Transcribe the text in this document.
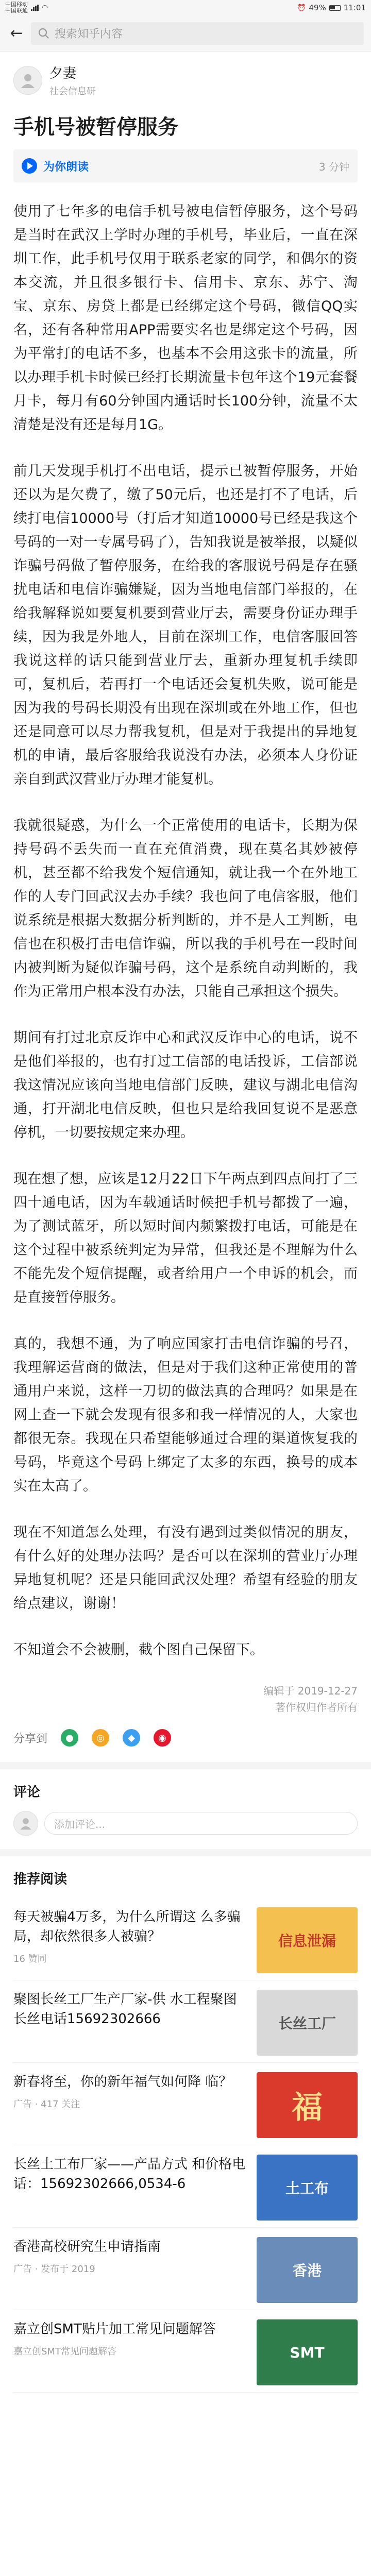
中国移动
中国联通 ◠	⏰ 49% 11:01
←	搜索知乎内容
夕妻
社会信息研
手机号被暂停服务
为你朗读	3 分钟

使用了七年多的电信手机号被电信暂停服务，这个号码是当时在武汉上学时办理的手机号，毕业后，一直在深圳工作，此手机号仅用于联系老家的同学，和偶尔的资本交流，并且很多银行卡、信用卡、京东、苏宁、淘宝、京东、房贷上都是已经绑定这个号码，微信QQ实名，还有各种常用APP需要实名也是绑定这个号码，因为平常打的电话不多，也基本不会用这张卡的流量，所以办理手机卡时候已经打长期流量卡包年这个19元套餐月卡，每月有60分钟国内通话时长100分钟，流量不太清楚是没有还是每月1G。

前几天发现手机打不出电话，提示已被暂停服务，开始还以为是欠费了，缴了50元后，也还是打不了电话，后续打电信10000号（打后才知道10000号已经是我这个号码的一对一专属号码了），告知我说是被举报，以疑似诈骗号码做了暂停服务，在给我的客服说号码是存在骚扰电话和电信诈骗嫌疑，因为当地电信部门举报的，在给我解释说如要复机要到营业厅去，需要身份证办理手续，因为我是外地人，目前在深圳工作，电信客服回答我说这样的话只能到营业厅去，重新办理复机手续即可，复机后，若再打一个电话还会复机失败，说可能是因为我的号码长期没有出现在深圳或在外地工作，但也还是同意可以尽力帮我复机，但是对于我提出的异地复机的申请，最后客服给我说没有办法，必须本人身份证亲自到武汉营业厅办理才能复机。

我就很疑惑，为什么一个正常使用的电话卡，长期为保持号码不丢失而一直在充值消费，现在莫名其妙被停机，甚至都不给我发个短信通知，就让我一个在外地工作的人专门回武汉去办手续？我也问了电信客服，他们说系统是根据大数据分析判断的，并不是人工判断，电信也在积极打击电信诈骗，所以我的手机号在一段时间内被判断为疑似诈骗号码，这个是系统自动判断的，我作为正常用户根本没有办法，只能自己承担这个损失。

期间有打过北京反诈中心和武汉反诈中心的电话，说不是他们举报的，也有打过工信部的电话投诉，工信部说我这情况应该向当地电信部门反映，建议与湖北电信沟通，打开湖北电信反映，但也只是给我回复说不是恶意停机，一切要按规定来办理。

现在想了想，应该是12月22日下午两点到四点间打了三四十通电话，因为车载通话时候把手机号都拨了一遍，为了测试蓝牙，所以短时间内频繁拨打电话，可能是在这个过程中被系统判定为异常，但我还是不理解为什么不能先发个短信提醒，或者给用户一个申诉的机会，而是直接暂停服务。

真的，我想不通，为了响应国家打击电信诈骗的号召，我理解运营商的做法，但是对于我们这种正常使用的普通用户来说，这样一刀切的做法真的合理吗？如果是在网上查一下就会发现有很多和我一样情况的人，大家也都很无奈。我现在只希望能够通过合理的渠道恢复我的号码，毕竟这个号码上绑定了太多的东西，换号的成本实在太高了。

现在不知道怎么处理，有没有遇到过类似情况的朋友，有什么好的处理办法吗？是否可以在深圳的营业厅办理异地复机呢？还是只能回武汉处理？希望有经验的朋友给点建议，谢谢！

不知道会不会被删，截个图自己保留下。

编辑于 2019-12-27
著作权归作者所有
分享到	●	◎	◆	◉
评论
添加评论...
推荐阅读
每天被骗4万多，为什么所谓这 么多骗局，却依然很多人被骗？
16 赞同
信息泄漏
聚图长丝工厂生产厂家-供 水工程聚图长丝电话15692302666	长丝工厂
新春将至，你的新年福气如何降 临？
广告 · 417 关注	福
长丝土工布厂家——产品方式 和价格电话：15692302666,0534-6	土工布
香港高校研究生申请指南
广告 · 发布于 2019	香港
嘉立创SMT贴片加工常见问题解答
嘉立创SMT常见问题解答	SMT
